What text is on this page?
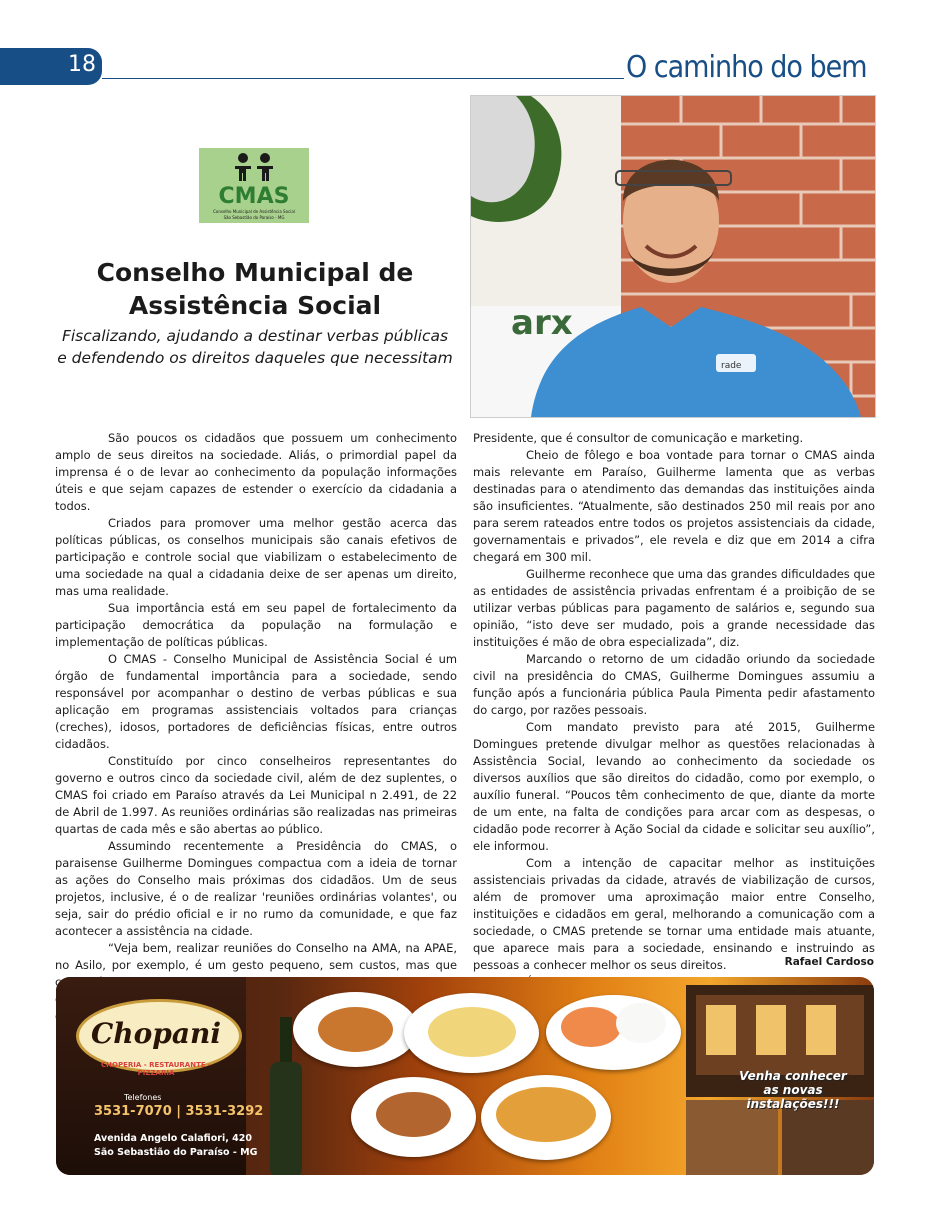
18	O caminho do bem
CMAS
Conselho Municipal de Assistência Social
São Sebastião do Paraíso - MG
arx
rade
Conselho Municipal de Assistência Social
Fiscalizando, ajudando a destinar verbas públicas e defendendo os direitos daqueles que necessitam

São poucos os cidadãos que possuem um conhecimento amplo de seus direitos na sociedade. Aliás, o primordial papel da imprensa é o de levar ao conhecimento da população informações úteis e que sejam capazes de estender o exercício da cidadania a todos.

Criados para promover uma melhor gestão acerca das políticas públicas, os conselhos municipais são canais efetivos de participação e controle social que viabilizam o estabelecimento de uma sociedade na qual a cidadania deixe de ser apenas um direito, mas uma realidade.

Sua importância está em seu papel de fortalecimento da participação democrática da população na formulação e implementação de políticas públicas.

O CMAS - Conselho Municipal de Assistência Social é um órgão de fundamental importância para a sociedade, sendo responsável por acompanhar o destino de verbas públicas e sua aplicação em programas assistenciais voltados para crianças (creches), idosos, portadores de deficiências físicas, entre outros cidadãos.

Constituído por cinco conselheiros representantes do governo e outros cinco da sociedade civil, além de dez suplentes, o CMAS foi criado em Paraíso através da Lei Municipal n 2.491, de 22 de Abril de 1.997. As reuniões ordinárias são realizadas nas primeiras quartas de cada mês e são abertas ao público.

Assumindo recentemente a Presidência do CMAS, o paraisense Guilherme Domingues compactua com a ideia de tornar as ações do Conselho mais próximas dos cidadãos. Um de seus projetos, inclusive, é o de realizar 'reuniões ordinárias volantes', ou seja, sair do prédio oficial e ir no rumo da comunidade, e que faz acontecer a assistência na cidade.

“Veja bem, realizar reuniões do Conselho na AMA, na APAE, no Asilo, por exemplo, é um gesto pequeno, sem custos, mas que

Presidente, que é consultor de comunicação e marketing.

Cheio de fôlego e boa vontade para tornar o CMAS ainda mais relevante em Paraíso, Guilherme lamenta que as verbas destinadas para o atendimento das demandas das instituições ainda são insuficientes. “Atualmente, são destinados 250 mil reais por ano para serem rateados entre todos os projetos assistenciais da cidade, governamentais e privados”, ele revela e diz que em 2014 a cifra chegará em 300 mil.

Guilherme reconhece que uma das grandes dificuldades que as entidades de assistência privadas enfrentam é a proibição de se utilizar verbas públicas para pagamento de salários e, segundo sua opinião, “isto deve ser mudado, pois a grande necessidade das instituições é mão de obra especializada”, diz.

Marcando o retorno de um cidadão oriundo da sociedade civil na presidência do CMAS, Guilherme Domingues assumiu a função após a funcionária pública Paula Pimenta pedir afastamento do cargo, por razões pessoais.

Com mandato previsto para até 2015, Guilherme Domingues pretende divulgar melhor as questões relacionadas à Assistência Social, levando ao conhecimento da sociedade os diversos auxílios que são direitos do cidadão, como por exemplo, o auxílio funeral. “Poucos têm conhecimento de que, diante da morte de um ente, na falta de condições para arcar com as despesas, o cidadão pode recorrer à Ação Social da cidade e solicitar seu auxílio”, ele informou.

Com a intenção de capacitar melhor as instituições assistenciais privadas da cidade, através de viabilização de cursos, além de promover uma aproximação maior entre Conselho, instituições e cidadãos em geral, melhorando a comunicação com a sociedade, o CMAS pretende se tornar uma entidade mais atuante, que aparece mais para a sociedade, ensinando e instruindo as pessoas a conhecer melhor os seus direitos.	Rafael Cardoso
Chopani
CHOPERIA - RESTAURANTE - PIZZARIA
Telefones
3531-7070 | 3531-3292
Avenida Angelo Calafiori, 420
São Sebastião do Paraíso - MG
Venha conhecer
as novas instalações!!!
